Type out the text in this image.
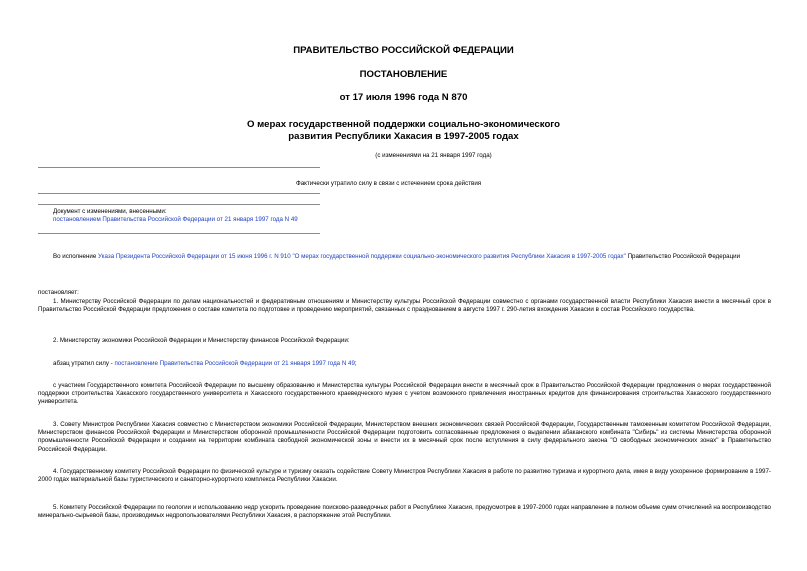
ПРАВИТЕЛЬСТВО РОССИЙСКОЙ ФЕДЕРАЦИИ
ПОСТАНОВЛЕНИЕ
от 17 июля 1996 года N 870
О мерах государственной поддержки социально-экономического
развития Республики Хакасия в 1997-2005 годах
(с изменениями на 21 января 1997 года)
Фактически утратило силу в связи с истечением срока действия
Документ с изменениями, внесенными:
постановлением Правительства Российской Федерации от 21 января 1997 года N 49
Во исполнение Указа Президента Российской Федерации от 15 июня 1996 г. N 910 "О мерах государственной поддержки социально-экономического развития Республики Хакасия в 1997-2005 годах" Правительство Российской Федерации
постановляет:
1. Министерству Российской Федерации по делам национальностей и федеративным отношениям и Министерству культуры Российской Федерации совместно с органами государственной власти Республики Хакасия внести в месячный срок в Правительство Российской Федерации предложения о составе комитета по подготовке и проведению мероприятий, связанных с празднованием в августе 1997 г. 290-летия вхождения Хакасии в состав Российского государства.
2. Министерству экономики Российской Федерации и Министерству финансов Российской Федерации:
абзац утратил силу - постановление Правительства Российской Федерации от 21 января 1997 года N 49;
с участием Государственного комитета Российской Федерации по высшему образованию и Министерства культуры Российской Федерации внести в месячный срок в Правительство Российской Федерации предложения о мерах государственной поддержки строительства Хакасского государственного университета и Хакасского государственного краеведческого музея с учетом возможного привлечения иностранных кредитов для финансирования строительства Хакасского государственного университета.
3. Совету Министров Республики Хакасия совместно с Министерством экономики Российской Федерации, Министерством внешних экономических связей Российской Федерации, Государственным таможенным комитетом Российской Федерации, Министерством финансов Российской Федерации и Министерством оборонной промышленности Российской Федерации подготовить согласованные предложения о выделении абаканского комбината "Сибирь" из системы Министерства оборонной промышленности Российской Федерации и создании на территории комбината свободной экономической зоны и внести их в месячный срок после вступления в силу федерального закона "О свободных экономических зонах" в Правительство Российской Федерации.
4. Государственному комитету Российской Федерации по физической культуре и туризму оказать содействие Совету Министров Республики Хакасия в работе по развитию туризма и курортного дела, имея в виду ускоренное формирование в 1997-2000 годах материальной базы туристического и санаторно-курортного комплекса Республики Хакасии.
5. Комитету Российской Федерации по геологии и использованию недр ускорить проведение поисково-разведочных работ в Республике Хакасия, предусмотрев в 1997-2000 годах направление в полном объеме сумм отчислений на воспроизводство минерально-сырьевой базы, производимых недропользователями Республики Хакасия, в распоряжение этой Республики.
